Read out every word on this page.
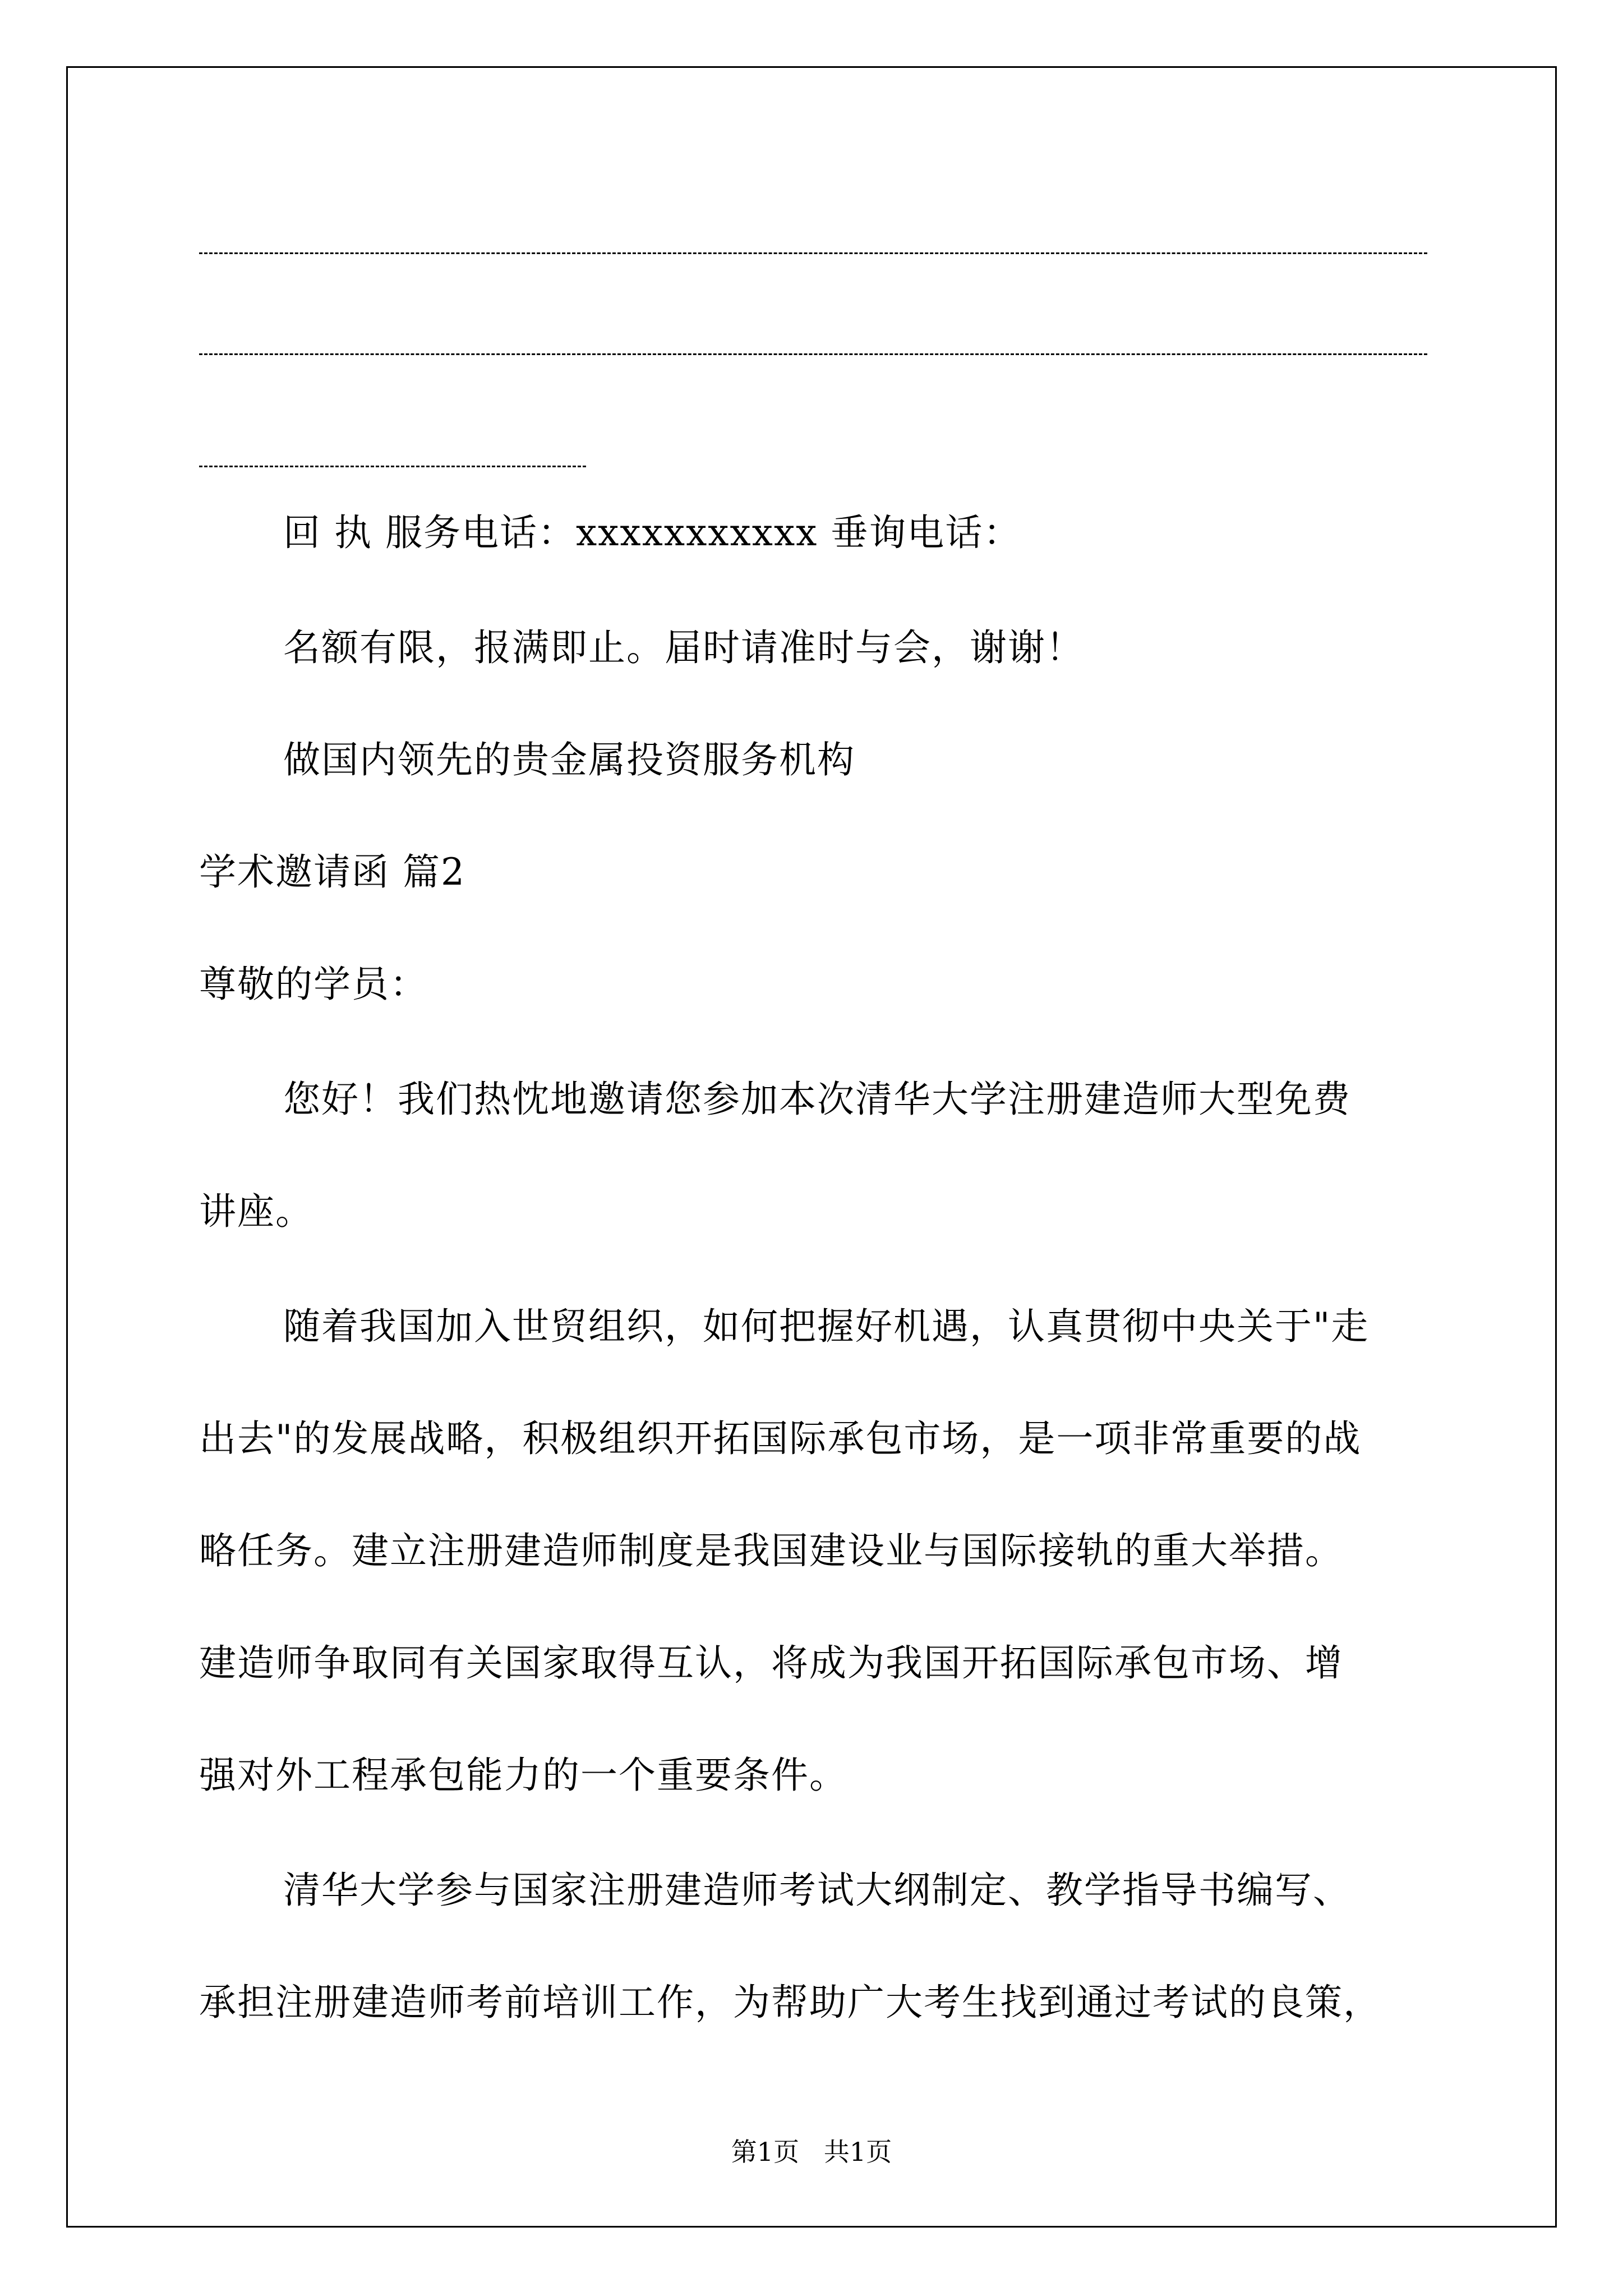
回 执 服务电话：xxxxxxxxxxx 垂询电话：
名额有限，报满即止。届时请准时与会，谢谢！
做国内领先的贵金属投资服务机构
学术邀请函 篇2
尊敬的学员：
您好！我们热忱地邀请您参加本次清华大学注册建造师大型免费
讲座。
随着我国加入世贸组织，如何把握好机遇，认真贯彻中央关于"走
出去"的发展战略，积极组织开拓国际承包市场，是一项非常重要的战
略任务。建立注册建造师制度是我国建设业与国际接轨的重大举措。
建造师争取同有关国家取得互认，将成为我国开拓国际承包市场、增
强对外工程承包能力的一个重要条件。
清华大学参与国家注册建造师考试大纲制定、教学指导书编写、
承担注册建造师考前培训工作，为帮助广大考生找到通过考试的良策，
第1页   共1页
